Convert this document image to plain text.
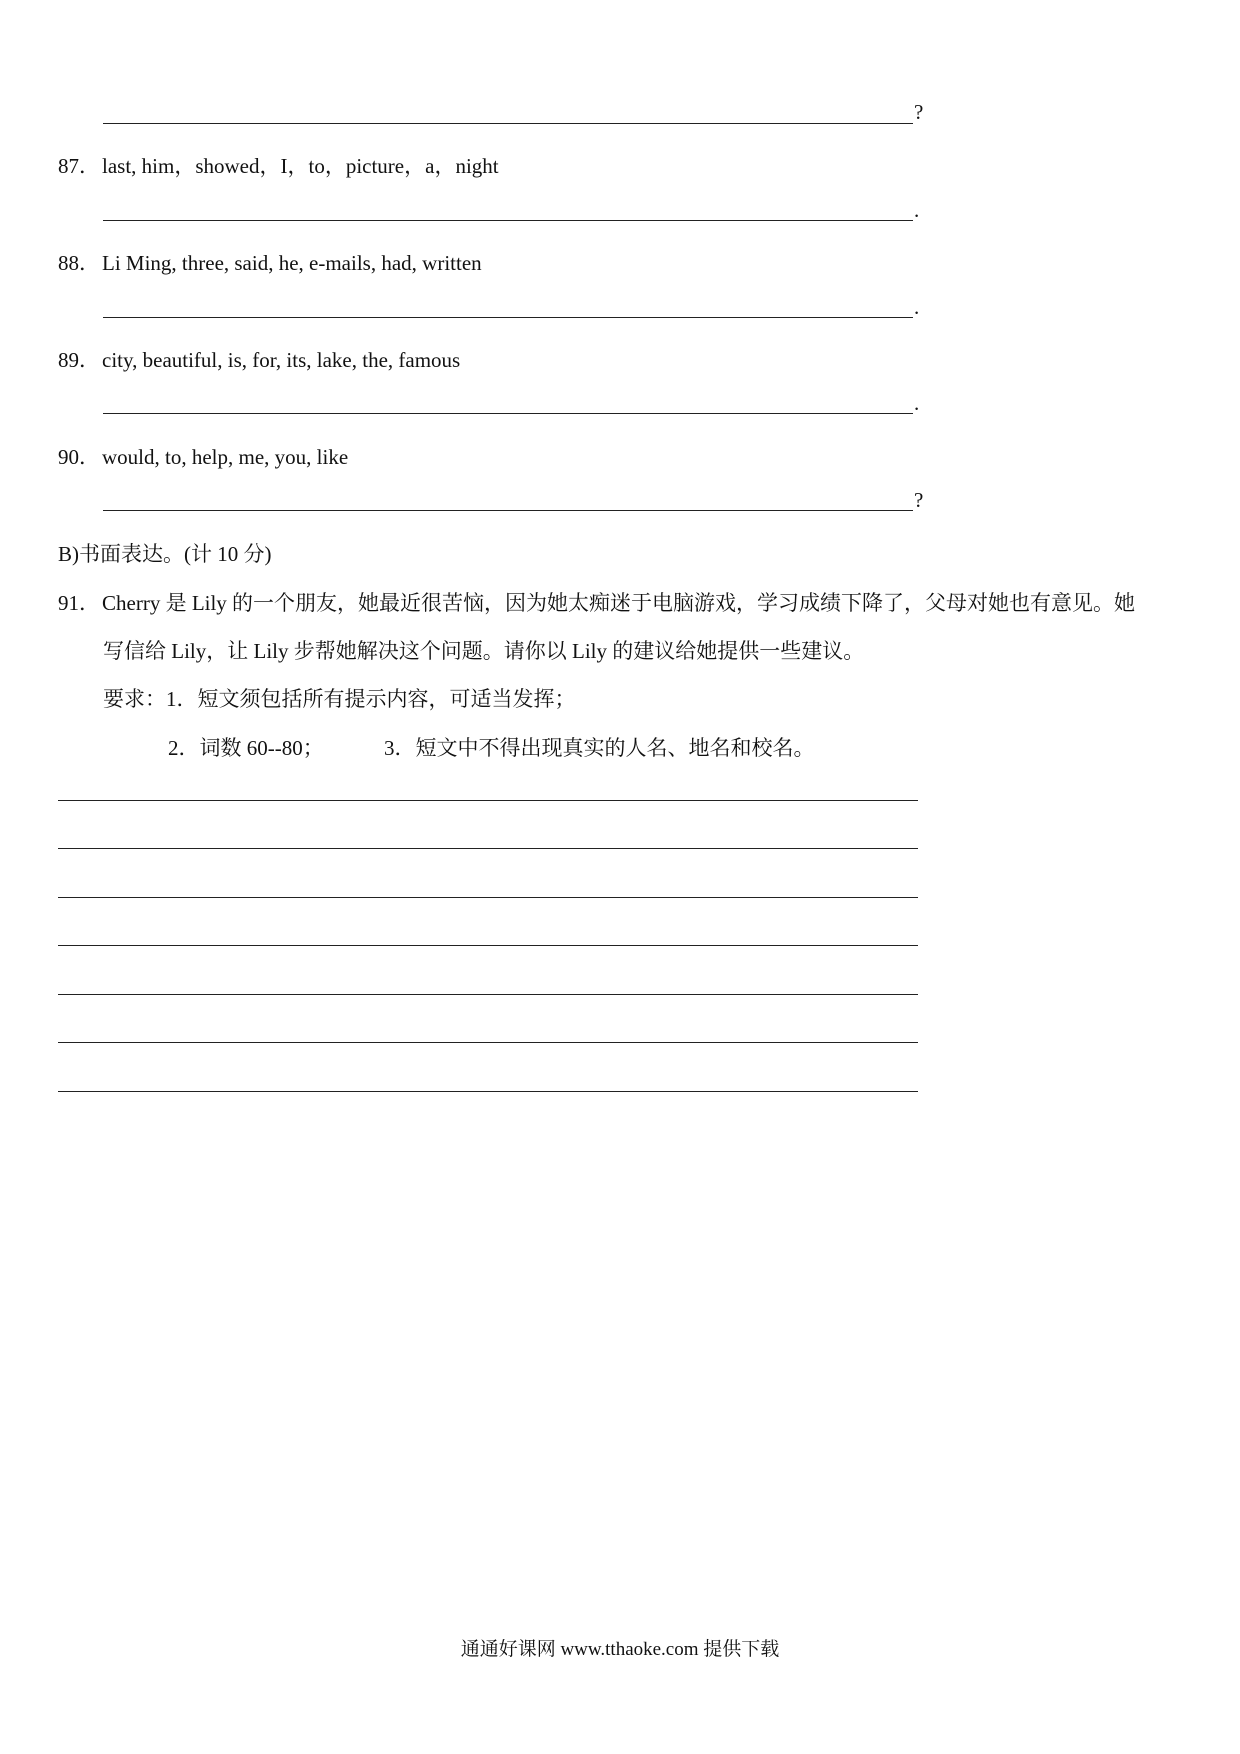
?
87．last, him，showed，I，to，picture，a，night
.
88．Li Ming, three, said, he, e-mails, had, written
.
89．city, beautiful, is, for, its, lake, the, famous
.
90．would, to, help, me, you, like
?
B)书面表达。(计 10 分)
91．Cherry 是 Lily 的一个朋友，她最近很苦恼，因为她太痴迷于电脑游戏，学习成绩下降了，父母对她也有意见。她
写信给 Lily，让 Lily 步帮她解决这个问题。请你以 Lily 的建议给她提供一些建议。
要求：1．短文须包括所有提示内容，可适当发挥；
2．词数 60--80；	3．短文中不得出现真实的人名、地名和校名。
通通好课网 www.tthaoke.com 提供下载
